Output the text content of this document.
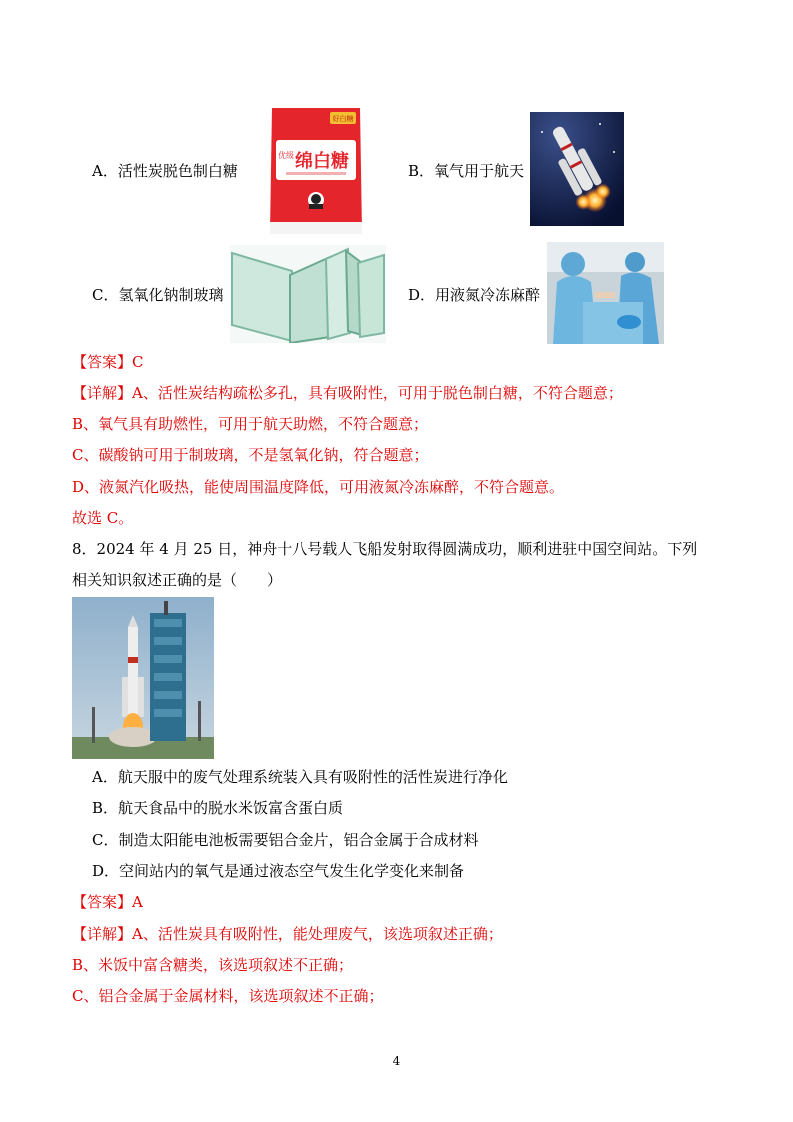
A．活性炭脱色制白糖
好白糖
优级 绵白糖	B．氧气用于航天
C．氢氧化钠制玻璃	D．用液氮冷冻麻醉
【答案】C
【详解】A、活性炭结构疏松多孔，具有吸附性，可用于脱色制白糖，不符合题意；
B、氧气具有助燃性，可用于航天助燃，不符合题意；
C、碳酸钠可用于制玻璃，不是氢氧化钠，符合题意；
D、液氮汽化吸热，能使周围温度降低，可用液氮冷冻麻醉，不符合题意。
故选 C。
8．2024 年 4 月 25 日，神舟十八号载人飞船发射取得圆满成功，顺利进驻中国空间站。下列
相关知识叙述正确的是（　　）
A．航天服中的废气处理系统装入具有吸附性的活性炭进行净化
B．航天食品中的脱水米饭富含蛋白质
C．制造太阳能电池板需要铝合金片，铝合金属于合成材料
D．空间站内的氧气是通过液态空气发生化学变化来制备
【答案】A
【详解】A、活性炭具有吸附性，能处理废气，该选项叙述正确；
B、米饭中富含糖类，该选项叙述不正确；
C、铝合金属于金属材料，该选项叙述不正确；
4
